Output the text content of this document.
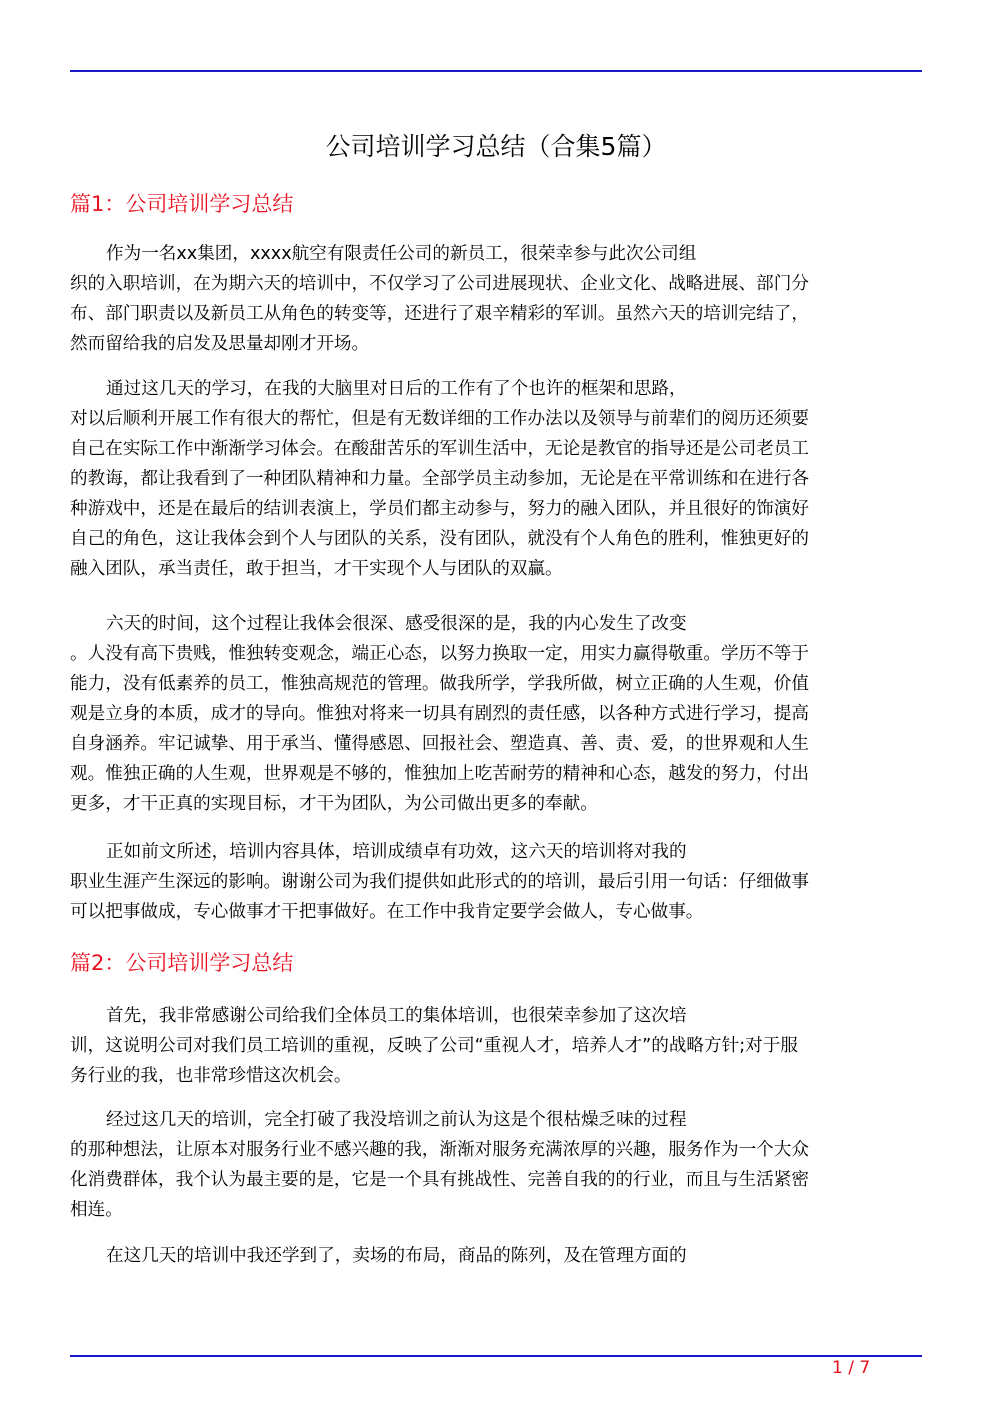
公司培训学习总结（合集5篇）
篇1：公司培训学习总结
作为一名xx集团，xxxx航空有限责任公司的新员工，很荣幸参与此次公司组
织的入职培训，在为期六天的培训中，不仅学习了公司进展现状、企业文化、战略进展、部门分
布、部门职责以及新员工从角色的转变等，还进行了艰辛精彩的军训。虽然六天的培训完结了，
然而留给我的启发及思量却刚才开场。
通过这几天的学习，在我的大脑里对日后的工作有了个也许的框架和思路，
对以后顺利开展工作有很大的帮忙，但是有无数详细的工作办法以及领导与前辈们的阅历还须要
自己在实际工作中渐渐学习体会。在酸甜苦乐的军训生活中，无论是教官的指导还是公司老员工
的教诲，都让我看到了一种团队精神和力量。全部学员主动参加，无论是在平常训练和在进行各
种游戏中，还是在最后的结训表演上，学员们都主动参与，努力的融入团队，并且很好的饰演好
自己的角色，这让我体会到个人与团队的关系，没有团队，就没有个人角色的胜利，惟独更好的
融入团队，承当责任，敢于担当，才干实现个人与团队的双赢。
六天的时间，这个过程让我体会很深、感受很深的是，我的内心发生了改变
。人没有高下贵贱，惟独转变观念，端正心态，以努力换取一定，用实力赢得敬重。学历不等于
能力，没有低素养的员工，惟独高规范的管理。做我所学，学我所做，树立正确的人生观，价值
观是立身的本质，成才的导向。惟独对将来一切具有剧烈的责任感，以各种方式进行学习，提高
自身涵养。牢记诚挚、用于承当、懂得感恩、回报社会、塑造真、善、责、爱，的世界观和人生
观。惟独正确的人生观，世界观是不够的，惟独加上吃苦耐劳的精神和心态，越发的努力，付出
更多，才干正真的实现目标，才干为团队，为公司做出更多的奉献。
正如前文所述，培训内容具体，培训成绩卓有功效，这六天的培训将对我的
职业生涯产生深远的影响。谢谢公司为我们提供如此形式的的培训，最后引用一句话：仔细做事
可以把事做成，专心做事才干把事做好。在工作中我肯定要学会做人，专心做事。
篇2：公司培训学习总结
首先，我非常感谢公司给我们全体员工的集体培训，也很荣幸参加了这次培
训，这说明公司对我们员工培训的重视，反映了公司“重视人才，培养人才”的战略方针;对于服
务行业的我，也非常珍惜这次机会。
经过这几天的培训，完全打破了我没培训之前认为这是个很枯燥乏味的过程
的那种想法，让原本对服务行业不感兴趣的我，渐渐对服务充满浓厚的兴趣，服务作为一个大众
化消费群体，我个认为最主要的是，它是一个具有挑战性、完善自我的的行业，而且与生活紧密
相连。
在这几天的培训中我还学到了，卖场的布局，商品的陈列，及在管理方面的
1 / 7
